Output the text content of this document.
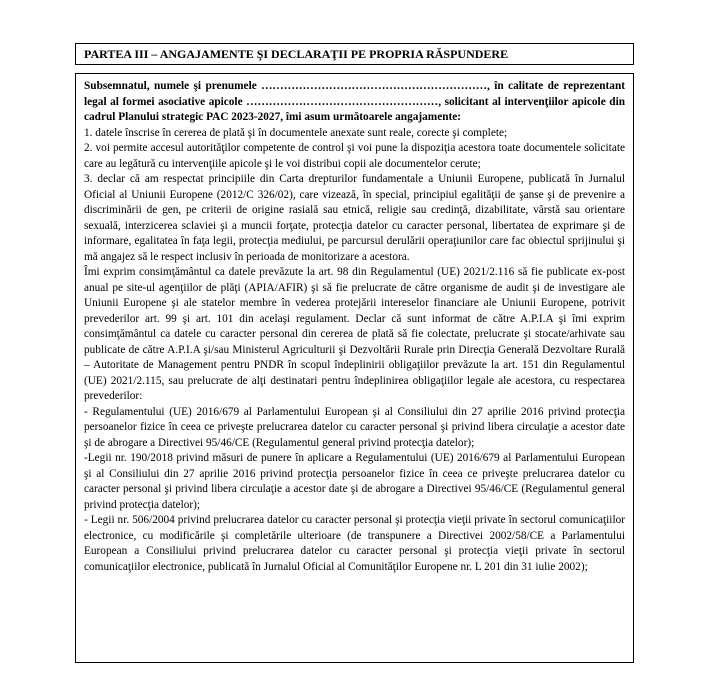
PARTEA III – ANGAJAMENTE ŞI DECLARAŢII PE PROPRIA RĂSPUNDERE

Subsemnatul, numele şi prenumele ……………………………………………………, în calitate de reprezentant legal al formei asociative apicole ……………………………………………, solicitant al intervenţiilor apicole din cadrul Planului strategic PAC 2023-2027, îmi asum următoarele angajamente:

1. datele înscrise în cererea de plată şi în documentele anexate sunt reale, corecte şi complete;

2. voi permite accesul autorităţilor competente de control şi voi pune la dispoziţia acestora toate documentele solicitate care au legătură cu intervenţiile apicole şi le voi distribui copii ale documentelor cerute;

3. declar că am respectat principiile din Carta drepturilor fundamentale a Uniunii Europene, publicată în Jurnalul Oficial al Uniunii Europene (2012/C 326/02), care vizează, în special, principiul egalităţii de şanse şi de prevenire a discriminării de gen, pe criterii de origine rasială sau etnică, religie sau credinţă, dizabilitate, vârstă sau orientare sexuală, interzicerea sclaviei şi a muncii forţate, protecţia datelor cu caracter personal, libertatea de exprimare şi de informare, egalitatea în faţa legii, protecţia mediului, pe parcursul derulării operaţiunilor care fac obiectul sprijinului şi mă angajez să le respect inclusiv în perioada de monitorizare a acestora.

Îmi exprim consimţământul ca datele prevăzute la art. 98 din Regulamentul (UE) 2021/2.116 să fie publicate ex-post anual pe site-ul agenţiilor de plăţi (APIA/AFIR) şi să fie prelucrate de către organisme de audit şi de investigare ale Uniunii Europene şi ale statelor membre în vederea protejării intereselor financiare ale Uniunii Europene, potrivit prevederilor art. 99 şi art. 101 din acelaşi regulament. Declar că sunt informat de către A.P.I.A şi îmi exprim consimţământul ca datele cu caracter personal din cererea de plată să fie colectate, prelucrate şi stocate/arhivate sau publicate de către A.P.I.A şi/sau Ministerul Agriculturii şi Dezvoltării Rurale prin Direcţia Generală Dezvoltare Rurală – Autoritate de Management pentru PNDR în scopul îndeplinirii obligaţiilor prevăzute la art. 151 din Regulamentul (UE) 2021/2.115, sau prelucrate de alţi destinatari pentru îndeplinirea obligaţiilor legale ale acestora, cu respectarea prevederilor:

- Regulamentului (UE) 2016/679 al Parlamentului European şi al Consiliului din 27 aprilie 2016 privind protecţia persoanelor fizice în ceea ce priveşte prelucrarea datelor cu caracter personal şi privind libera circulaţie a acestor date şi de abrogare a Directivei 95/46/CE (Regulamentul general privind protecţia datelor);

-Legii nr. 190/2018 privind măsuri de punere în aplicare a Regulamentului (UE) 2016/679 al Parlamentului European şi al Consiliului din 27 aprilie 2016 privind protecţia persoanelor fizice în ceea ce priveşte prelucrarea datelor cu caracter personal şi privind libera circulaţie a acestor date şi de abrogare a Directivei 95/46/CE (Regulamentul general privind protecţia datelor);

- Legii nr. 506/2004 privind prelucrarea datelor cu caracter personal şi protecţia vieţii private în sectorul comunicaţiilor electronice, cu modificările şi completările ulterioare (de transpunere a Directivei 2002/58/CE a Parlamentului European a Consiliului privind prelucrarea datelor cu caracter personal şi protecţia vieţii private în sectorul comunicaţiilor electronice, publicată în Jurnalul Oficial al Comunităţilor Europene nr. L 201 din 31 iulie 2002);
